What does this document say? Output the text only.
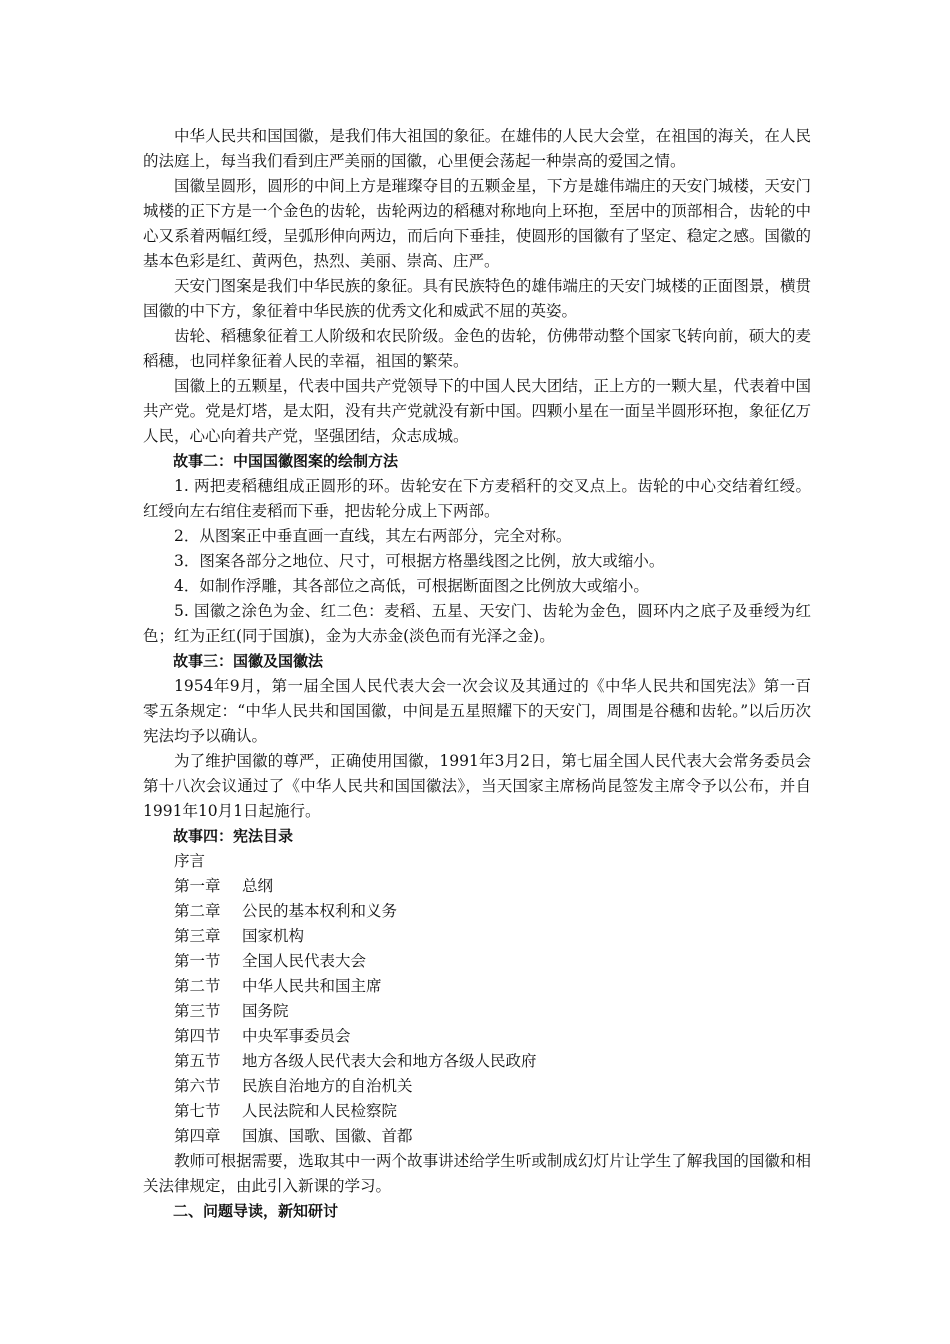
中华人民共和国国徽，是我们伟大祖国的象征。在雄伟的人民大会堂，在祖国的海关，在人民的法庭上，每当我们看到庄严美丽的国徽，心里便会荡起一种崇高的爱国之情。

国徽呈圆形，圆形的中间上方是璀璨夺目的五颗金星，下方是雄伟端庄的天安门城楼，天安门城楼的正下方是一个金色的齿轮，齿轮两边的稻穗对称地向上环抱，至居中的顶部相合，齿轮的中心又系着两幅红绶，呈弧形伸向两边，而后向下垂挂，使圆形的国徽有了坚定、稳定之感。国徽的基本色彩是红、黄两色，热烈、美丽、崇高、庄严。

天安门图案是我们中华民族的象征。具有民族特色的雄伟端庄的天安门城楼的正面图景，横贯国徽的中下方，象征着中华民族的优秀文化和威武不屈的英姿。

齿轮、稻穗象征着工人阶级和农民阶级。金色的齿轮，仿佛带动整个国家飞转向前，硕大的麦稻穗，也同样象征着人民的幸福，祖国的繁荣。

国徽上的五颗星，代表中国共产党领导下的中国人民大团结，正上方的一颗大星，代表着中国共产党。党是灯塔，是太阳，没有共产党就没有新中国。四颗小星在一面呈半圆形环抱，象征亿万人民，心心向着共产党，坚强团结，众志成城。

故事二：中国国徽图案的绘制方法

1. 两把麦稻穗组成正圆形的环。齿轮安在下方麦稻秆的交叉点上。齿轮的中心交结着红绶。红绶向左右绾住麦稻而下垂，把齿轮分成上下两部。

2．从图案正中垂直画一直线，其左右两部分，完全对称。

3．图案各部分之地位、尺寸，可根据方格墨线图之比例，放大或缩小。

4．如制作浮雕，其各部位之高低，可根据断面图之比例放大或缩小。

5. 国徽之涂色为金、红二色：麦稻、五星、天安门、齿轮为金色，圆环内之底子及垂绶为红色；红为正红(同于国旗)，金为大赤金(淡色而有光泽之金)。

故事三：国徽及国徽法

1954年9月，第一届全国人民代表大会一次会议及其通过的《中华人民共和国宪法》第一百零五条规定：“中华人民共和国国徽，中间是五星照耀下的天安门，周围是谷穗和齿轮。”以后历次宪法均予以确认。

为了维护国徽的尊严，正确使用国徽，1991年3月2日，第七届全国人民代表大会常务委员会第十八次会议通过了《中华人民共和国国徽法》，当天国家主席杨尚昆签发主席令予以公布，并自1991年10月1日起施行。

故事四：宪法目录

序言

第一章 总纲

第二章 公民的基本权利和义务

第三章 国家机构

第一节 全国人民代表大会

第二节 中华人民共和国主席

第三节 国务院

第四节 中央军事委员会

第五节 地方各级人民代表大会和地方各级人民政府

第六节 民族自治地方的自治机关

第七节 人民法院和人民检察院

第四章 国旗、国歌、国徽、首都

教师可根据需要，选取其中一两个故事讲述给学生听或制成幻灯片让学生了解我国的国徽和相关法律规定，由此引入新课的学习。

二、问题导读，新知研讨
